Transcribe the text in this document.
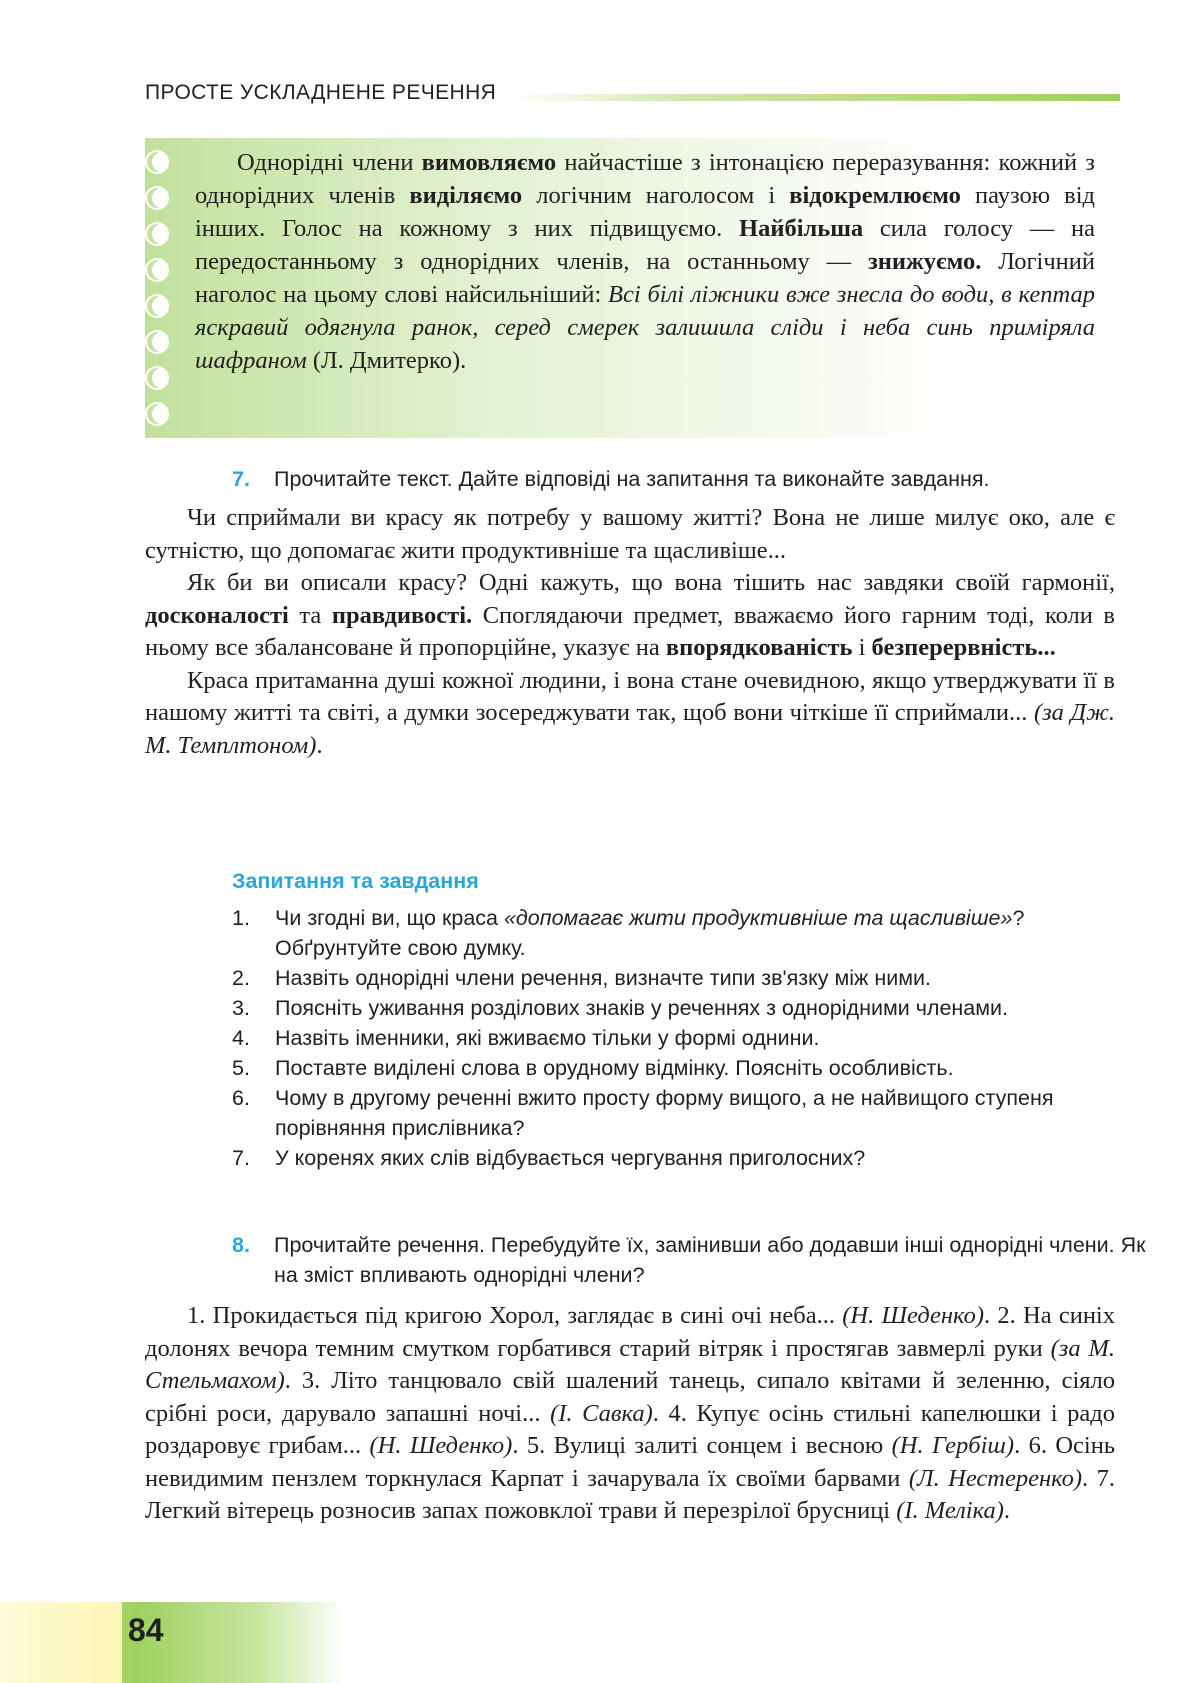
ПРОСТЕ УСКЛАДНЕНЕ РЕЧЕННЯ
Однорідні члени вимовляємо найчастіше з інтонацією переразування: кожний з однорідних членів виділяємо логічним наголосом і відокремлюємо паузою від інших. Голос на кожному з них підвищуємо. Найбільша сила голосу — на передостанньому з однорідних членів, на останньому — знижуємо. Логічний наголос на цьому слові найсильніший: Всі білі ліжники вже знесла до води, в кептар яскравий одягнула ранок, серед смерек залишила сліди і неба синь приміряла шафраном (Л. Дмитерко).
7. Прочитайте текст. Дайте відповіді на запитання та виконайте завдання.

Чи сприймали ви красу як потребу у вашому житті? Вона не лише милує око, але є сутністю, що допомагає жити продуктивніше та щасливіше...

Як би ви описали красу? Одні кажуть, що вона тішить нас завдяки своїй гармонії, досконалості та правдивості. Споглядаючи предмет, вважаємо його гарним тоді, коли в ньому все збалансоване й пропорційне, указує на впорядкованість і безперервність...

Краса притаманна душі кожної людини, і вона стане очевидною, якщо утверджувати її в нашому житті та світі, а думки зосереджувати так, щоб вони чіткіше її сприймали... (за Дж. М. Темплтоном).

Запитання та завдання
1. Чи згодні ви, що краса «допомагає жити продуктивніше та щасливіше»? Обґрунтуйте свою думку.
2. Назвіть однорідні члени речення, визначте типи зв'язку між ними.
3. Поясніть уживання розділових знаків у реченнях з однорідними членами.
4. Назвіть іменники, які вживаємо тільки у формі однини.
5. Поставте виділені слова в орудному відмінку. Поясніть особливість.
6. Чому в другому реченні вжито просту форму вищого, а не найвищого ступеня порівняння прислівника?
7. У коренях яких слів відбувається чергування приголосних?
8. Прочитайте речення. Перебудуйте їх, замінивши або додавши інші однорідні члени. Як на зміст впливають однорідні члени?

1. Прокидається під кригою Хорол, заглядає в сині очі неба... (Н. Шеденко). 2. На синіх долонях вечора темним смутком горбатився старий вітряк і простягав завмерлі руки (за М. Стельмахом). 3. Літо танцювало свій шалений танець, сипало квітами й зеленню, сіяло срібні роси, дарувало запашні ночі... (І. Савка). 4. Купує осінь стильні капелюшки і радо роздаровує грибам... (Н. Шеденко). 5. Вулиці залиті сонцем і весною (Н. Гербіш). 6. Осінь невидимим пензлем торкнулася Карпат і зачарувала їх своїми барвами (Л. Нестеренко). 7. Легкий вітерець розносив запах пожовклої трави й перезрілої брусниці (І. Меліка).

84
